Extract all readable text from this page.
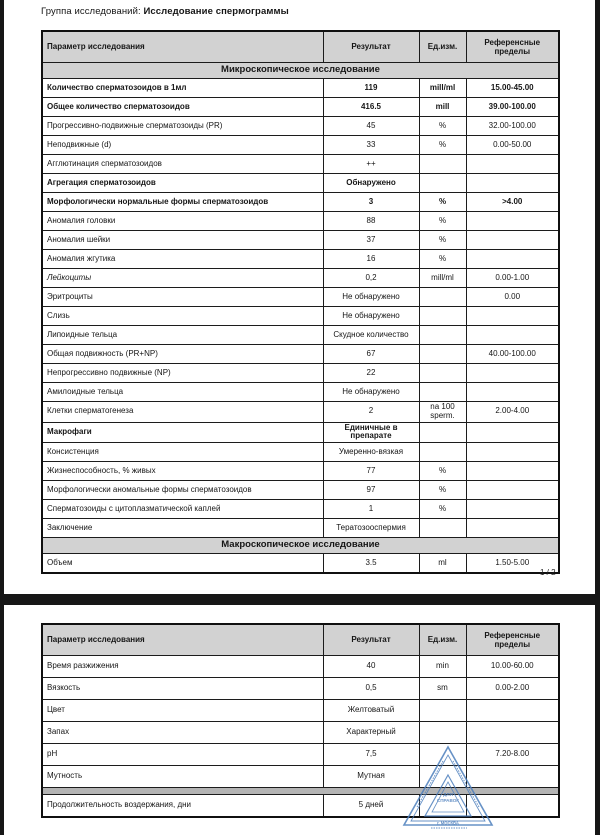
Группа исследований: Исследование спермограммы
Параметр исследования	Результат	Ед.изм.	Референсные пределы
Микроскопическое исследование			
Количество сперматозоидов в 1мл	119	mill/ml	15.00-45.00
Общее количество сперматозоидов	416.5	mill	39.00-100.00
Прогрессивно-подвижные сперматозоиды (PR)	45	%	32.00-100.00
Неподвижные (d)	33	%	0.00-50.00
Агглютинация сперматозоидов	++		
Агрегация сперматозоидов	Обнаружено		
Морфологически нормальные формы сперматозоидов	3	%	>4.00
Аномалия головки	88	%	
Аномалия шейки	37	%	
Аномалия жгутика	16	%	
Лейкоциты	0,2	mill/ml	0.00-1.00
Эритроциты	Не обнаружено		0.00
Слизь	Не обнаружено		
Липоидные тельца	Скудное количество		
Общая подвижность (PR+NP)	67		40.00-100.00
Непрогрессивно подвижные (NP)	22		
Амилоидные тельца	Не обнаружено		
Клетки сперматогенеза	2	na 100 sperm.	2.00-4.00
Макрофаги	Единичные в препарате		
Консистенция	Умеренно-вязкая		
Жизнеспособность, % живых	77	%	
Морфологически аномальные формы сперматозоидов	97	%	
Сперматозоиды с цитоплазматической каплей	1	%	
Заключение	Тератозооспермия		
Макроскопическое исследование			
Объем	3.5	ml	1.50-5.00
1 / 2
Параметр исследования	Результат	Ед.изм.	Референсные пределы
Время разжижения	40	min	10.00-60.00
Вязкость	0,5	sm	0.00-2.00
Цвет	Желтоватый		
Запах	Характерный		
pH	7,5		7.20-8.00
Мутность	Мутная		

Продолжительность воздержания, дни	5 дней		
ДЛЯ
СПРАВОК
г. МОСКВА
